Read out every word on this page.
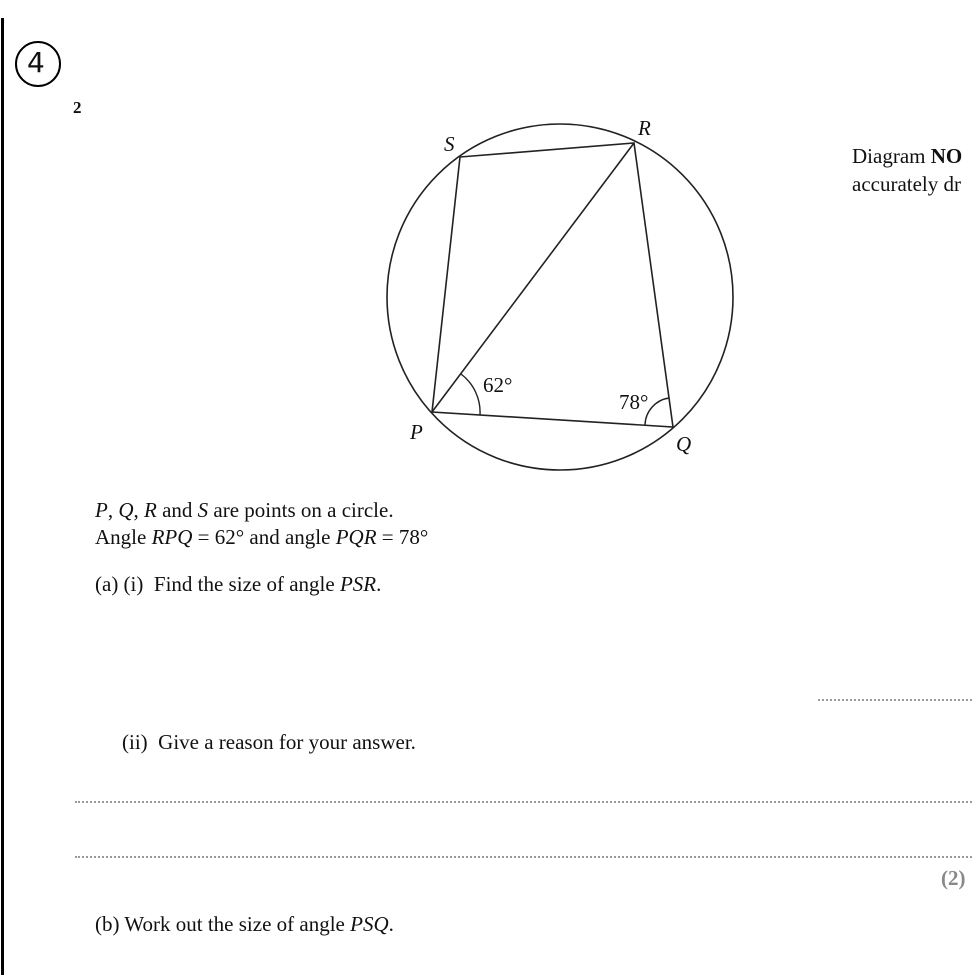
4
2
S
R
P	Q
62°
78°
Diagram NO
accurately dr
P, Q, R and S are points on a circle.
Angle RPQ = 62° and angle PQR = 78°
(a) (i) Find the size of angle PSR.
(ii) Give a reason for your answer.
(2)
(b) Work out the size of angle PSQ.
